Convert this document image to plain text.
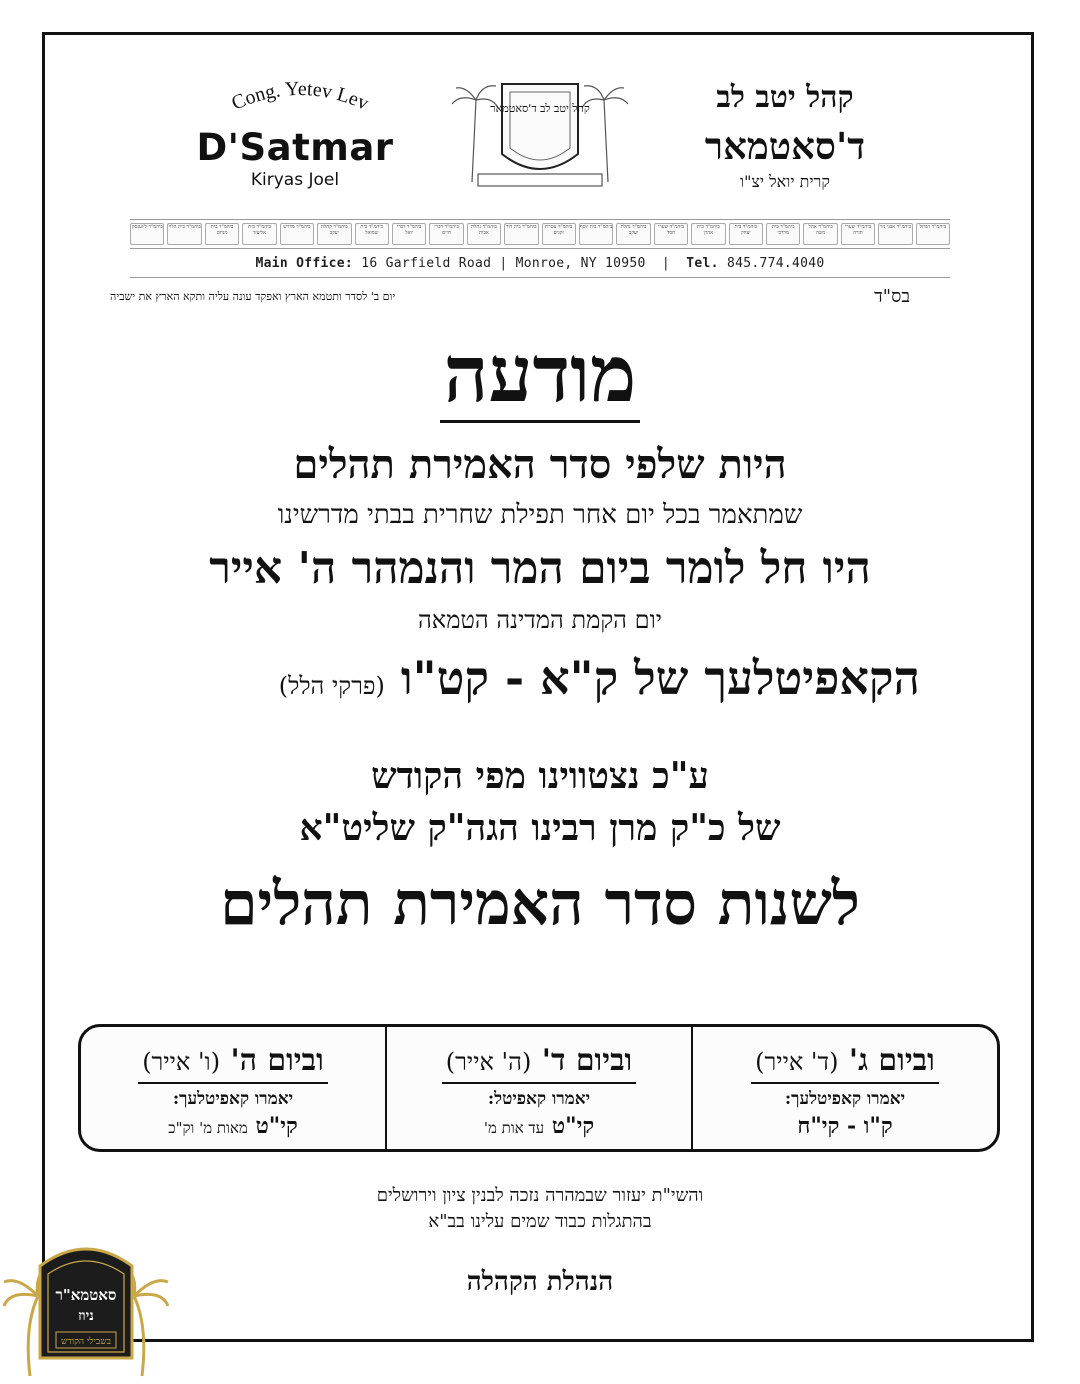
Cong. Yetev Lev
D'Satmar
Kiryas Joel
קהל יטב לב ד'סאטמאר	קהל יטב לב
ד'סאטמאר
קרית יואל יצ"ו
ביהמ"ד הגדול
ביהמ"ד אבני נזר
ביהמ"ד שערי תורה
ביהמ"ד אהל משה
ביהמ"ד בית מרדכי
ביהמ"ד בית יצחק
ביהמ"ד בית אהרן
ביהמ"ד שערי חסד
ביהמ"ד נחלת יעקב
ביהמ"ד בית יוסף
ביהמ"ד עטרת זקנים
ביהמ"ד בית דוד
ביהמ"ד נחלת אבות
ביהמ"ד דברי חיים
ביהמ"ד דברי יואל
ביהמ"ד בית שמואל
ביהמ"ד קהלת יעקב
ביהמ"ד מדרש
ביהמ"ד בית אליעזר
ביהמ"ד בית מנחם
ביהמ"ד בית הלוי
ביהמ"ד ליזענסק
Main Office: 16 Garfield Road | Monroe, NY 10950  |  Tel. 845.774.4040
בס"ד
יום ב' לסדר ותטמא הארץ ואפקד עונה עליה ותקא הארץ את ישביה
מודעה
היות שלפי סדר האמירת תהלים
שמתאמר בכל יום אחר תפילת שחרית בבתי מדרשינו
היו חל לומר ביום המר והנמהר ה' אייר
יום הקמת המדינה הטמאה
הקאפיטלעך של ק"א - קט"ו (פרקי הלל)
ע"כ נצטווינו מפי הקודש
של כ"ק מרן רבינו הגה"ק שליט"א
לשנות סדר האמירת תהלים
וביום ג' (ד' אייר)
יאמרו קאפיטלעך:
ק"ו - קי"ח
וביום ד' (ה' אייר)
יאמרו קאפיטל:
קי"ט עד אות מ'
וביום ה' (ו' אייר)
יאמרו קאפיטלעך:
קי"ט מאות מ' וק"כ
והשי"ת יעזור שבמהרה נזכה לבנין ציון וירושלים
בהתגלות כבוד שמים עלינו בב"א
הנהלת הקהלה
סאטמא"ר
ניוז
בשבילי הקודש
